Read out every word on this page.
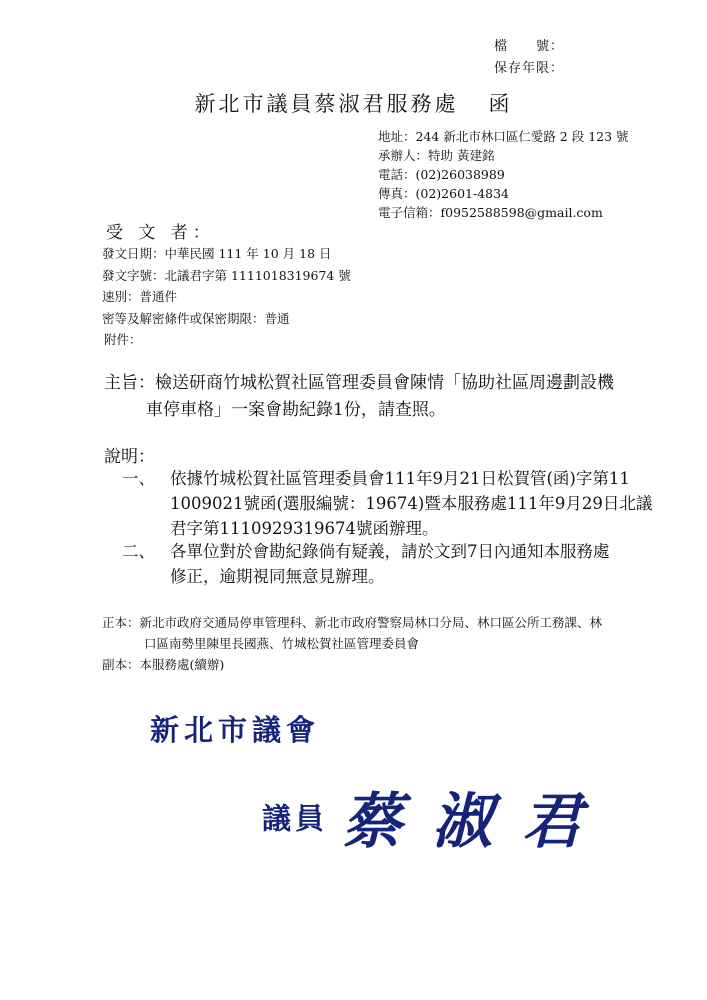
檔　　號：
保存年限：
新北市議員蔡淑君服務處 函
地址：244 新北市林口區仁愛路 2 段 123 號
承辦人：特助 黃建銘
電話：(02)26038989
傳真：(02)2601-4834
電子信箱：f0952588598@gmail.com
受 文 者：
發文日期：中華民國 111 年 10 月 18 日
發文字號：北議君字第 1111018319674 號
速別：普通件
密等及解密條件或保密期限：普通
附件：
主旨：檢送研商竹城松賀社區管理委員會陳情「協助社區周邊劃設機
車停車格」一案會勘紀錄1份，請查照。
說明：
一、 依據竹城松賀社區管理委員會111年9月21日松賀管(函)字第11
1009021號函(選服編號：19674)暨本服務處111年9月29日北議
君字第1110929319674號函辦理。
二、 各單位對於會勘紀錄倘有疑義，請於文到7日內通知本服務處
修正，逾期視同無意見辦理。
正本：新北市政府交通局停車管理科、新北市政府警察局林口分局、林口區公所工務課、林
口區南勢里陳里長國燕、竹城松賀社區管理委員會
副本：本服務處(續辦)
新北市議會
議員 蔡淑君
